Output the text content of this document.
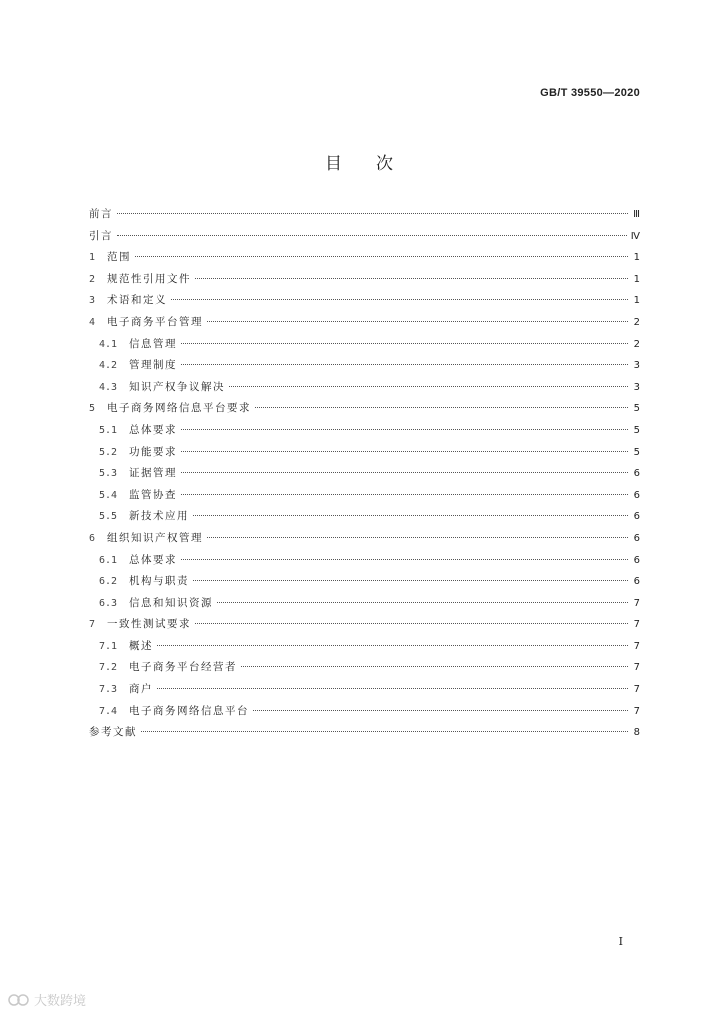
GB/T 39550—2020
目次
前言	Ⅲ
引言	Ⅳ
1	范围	1
2	规范性引用文件	1
3	术语和定义	1
4	电子商务平台管理	2
4.1	信息管理	2
4.2	管理制度	3
4.3	知识产权争议解决	3
5	电子商务网络信息平台要求	5
5.1	总体要求	5
5.2	功能要求	5
5.3	证据管理	6
5.4	监管协查	6
5.5	新技术应用	6
6	组织知识产权管理	6
6.1	总体要求	6
6.2	机构与职责	6
6.3	信息和知识资源	7
7	一致性测试要求	7
7.1	概述	7
7.2	电子商务平台经营者	7
7.3	商户	7
7.4	电子商务网络信息平台	7
参考文献	8
I
大数跨境
